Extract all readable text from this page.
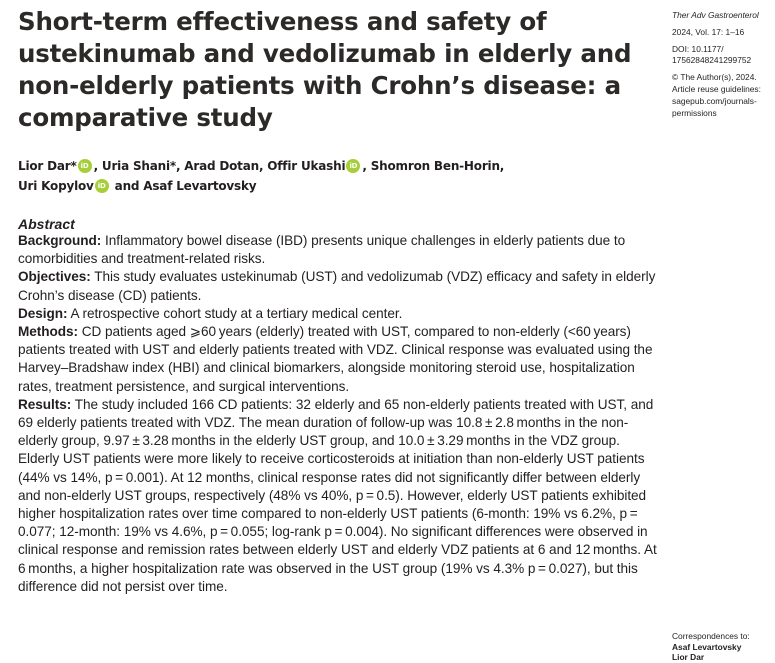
Short-term effectiveness and safety of ustekinumab and vedolizumab in elderly and non-elderly patients with Crohn’s disease: a comparative study
Lior Dar* iD , Uria Shani*, Arad Dotan, Offir Ukashi iD , Shomron Ben-Horin,
Uri Kopylov iD and Asaf Levartovsky
Abstract

Background: Inflammatory bowel disease (IBD) presents unique challenges in elderly patients due to comorbidities and treatment-related risks.

Objectives: This study evaluates ustekinumab (UST) and vedolizumab (VDZ) efficacy and safety in elderly Crohn’s disease (CD) patients.

Design: A retrospective cohort study at a tertiary medical center.

Methods: CD patients aged ⩾60 years (elderly) treated with UST, compared to non-elderly (<60 years) patients treated with UST and elderly patients treated with VDZ. Clinical response was evaluated using the Harvey–Bradshaw index (HBI) and clinical biomarkers, alongside monitoring steroid use, hospitalization rates, treatment persistence, and surgical interventions.

Results: The study included 166 CD patients: 32 elderly and 65 non-elderly patients treated with UST, and 69 elderly patients treated with VDZ. The mean duration of follow-up was 10.8 ± 2.8 months in the non-elderly group, 9.97 ± 3.28 months in the elderly UST group, and 10.0 ± 3.29 months in the VDZ group. Elderly UST patients were more likely to receive corticosteroids at initiation than non-elderly UST patients (44% vs 14%, p = 0.001). At 12 months, clinical response rates did not significantly differ between elderly and non-elderly UST groups, respectively (48% vs 40%, p = 0.5). However, elderly UST patients exhibited higher hospitalization rates over time compared to non-elderly UST patients (6-month: 19% vs 6.2%, p = 0.077; 12-month: 19% vs 4.6%, p = 0.055; log-rank p = 0.004). No significant differences were observed in clinical response and remission rates between elderly UST and elderly VDZ patients at 6 and 12 months. At 6 months, a higher hospitalization rate was observed in the UST group (19% vs 4.3% p = 0.027), but this difference did not persist over time.

Ther Adv Gastroenterol
2024, Vol. 17: 1–16
DOI: 10.1177/
17562848241299752
© The Author(s), 2024.
Article reuse guidelines:
sagepub.com/journals-
permissions
Correspondences to:
Asaf Levartovsky
Lior Dar
